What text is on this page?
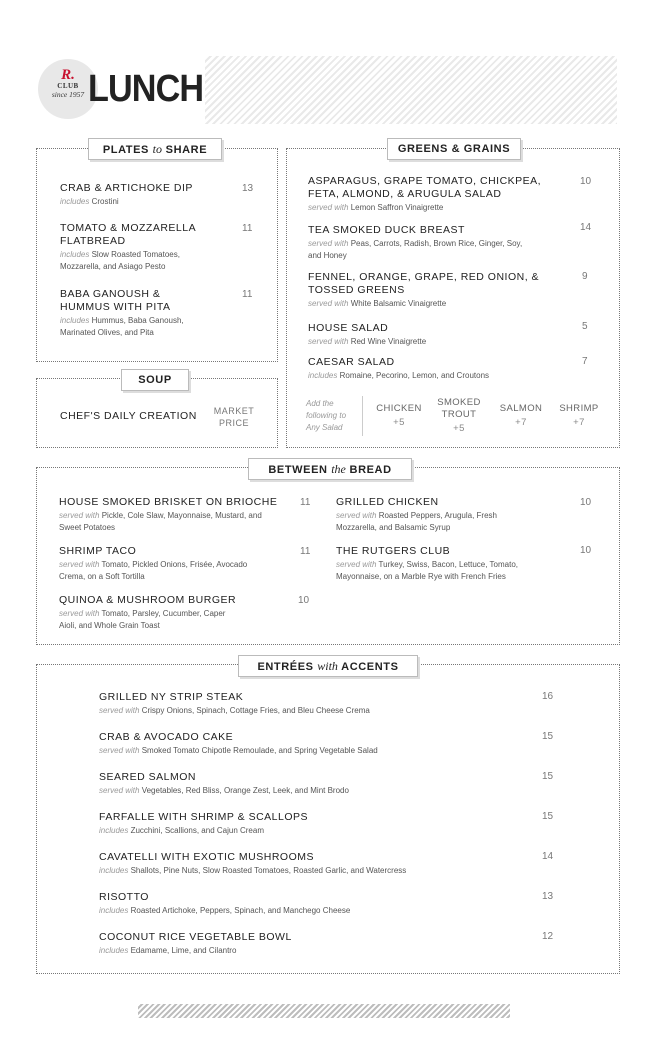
R.
CLUB
since 1957 LUNCH
PLATES to SHARE	GREENS & GRAINS
SOUP
BETWEEN the BREAD
ENTRÉES with ACCENTS
CRAB & ARTICHOKE DIP
includes Crostini
13
TOMATO & MOZZARELLA FLATBREAD
includes Slow Roasted Tomatoes, Mozzarella, and Asiago Pesto
11
BABA GANOUSH & HUMMUS WITH PITA
includes Hummus, Baba Ganoush, Marinated Olives, and Pita
11
CHEF'S DAILY CREATION MARKET PRICE
ASPARAGUS, GRAPE TOMATO, CHICKPEA, FETA, ALMOND, & ARUGULA SALAD
served with Lemon Saffron Vinaigrette
10
TEA SMOKED DUCK BREAST
served with Peas, Carrots, Radish, Brown Rice, Ginger, Soy, and Honey
14
FENNEL, ORANGE, GRAPE, RED ONION, & TOSSED GREENS
served with White Balsamic Vinaigrette
9
HOUSE SALAD
served with Red Wine Vinaigrette
5
CAESAR SALAD
includes Romaine, Pecorino, Lemon, and Croutons
7
Add the following to Any Salad
CHICKEN
+5
SMOKED TROUT
+5
SALMON
+7
SHRIMP
+7
HOUSE SMOKED BRISKET ON BRIOCHE
served with Pickle, Cole Slaw, Mayonnaise, Mustard, and Sweet Potatoes
11
SHRIMP TACO
served with Tomato, Pickled Onions, Frisée, Avocado Crema, on a Soft Tortilla
11
QUINOA & MUSHROOM BURGER
served with Tomato, Parsley, Cucumber, Caper Aioli, and Whole Grain Toast
10
GRILLED CHICKEN
served with Roasted Peppers, Arugula, Fresh Mozzarella, and Balsamic Syrup
10
THE RUTGERS CLUB
served with Turkey, Swiss, Bacon, Lettuce, Tomato, Mayonnaise, on a Marble Rye with French Fries
10
GRILLED NY STRIP STEAK
served with Crispy Onions, Spinach, Cottage Fries, and Bleu Cheese Crema
16
CRAB & AVOCADO CAKE
served with Smoked Tomato Chipotle Remoulade, and Spring Vegetable Salad
15
SEARED SALMON
served with Vegetables, Red Bliss, Orange Zest, Leek, and Mint Brodo
15
FARFALLE WITH SHRIMP & SCALLOPS
includes Zucchini, Scallions, and Cajun Cream
15
CAVATELLI WITH EXOTIC MUSHROOMS
includes Shallots, Pine Nuts, Slow Roasted Tomatoes, Roasted Garlic, and Watercress
14
RISOTTO
includes Roasted Artichoke, Peppers, Spinach, and Manchego Cheese
13
COCONUT RICE VEGETABLE BOWL
includes Edamame, Lime, and Cilantro
12
